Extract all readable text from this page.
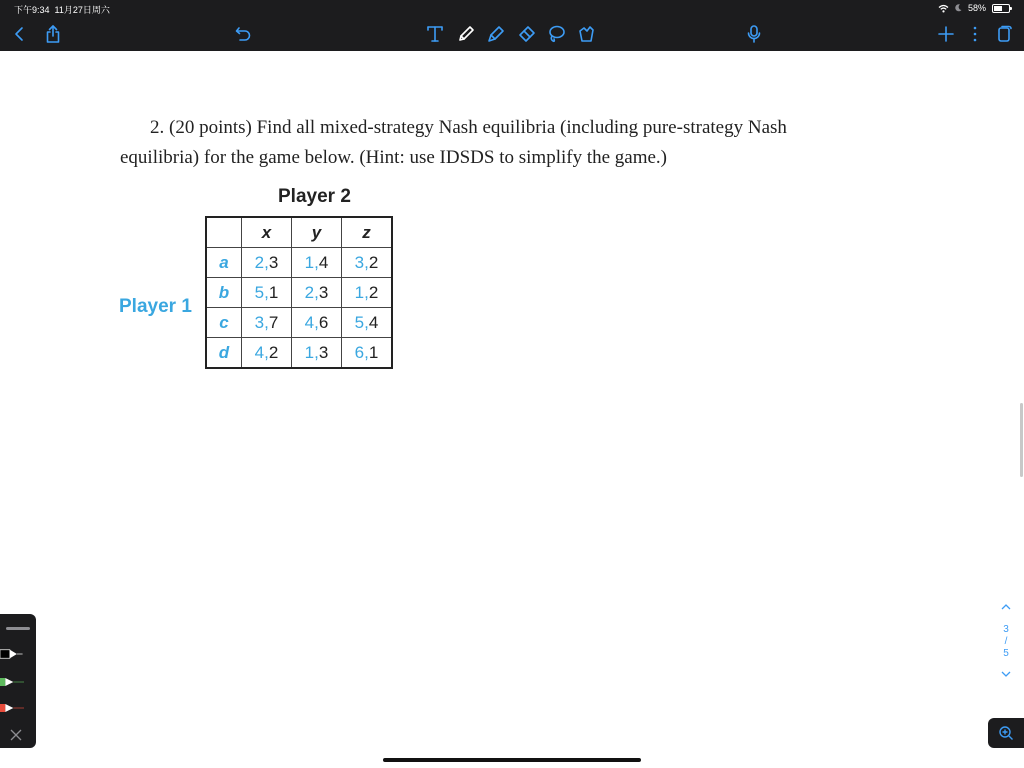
下午9:34 11月27日周六	58%
2. (20 points) Find all mixed-strategy Nash equilibria (including pure-strategy Nash
equilibria) for the game below. (Hint: use IDSDS to simplify the game.)
Player 2
Player 1
	x	y	z
a	2,3	1,4	3,2
b	5,1	2,3	1,2
c	3,7	4,6	5,4
d	4,2	1,3	6,1
3
/
5
